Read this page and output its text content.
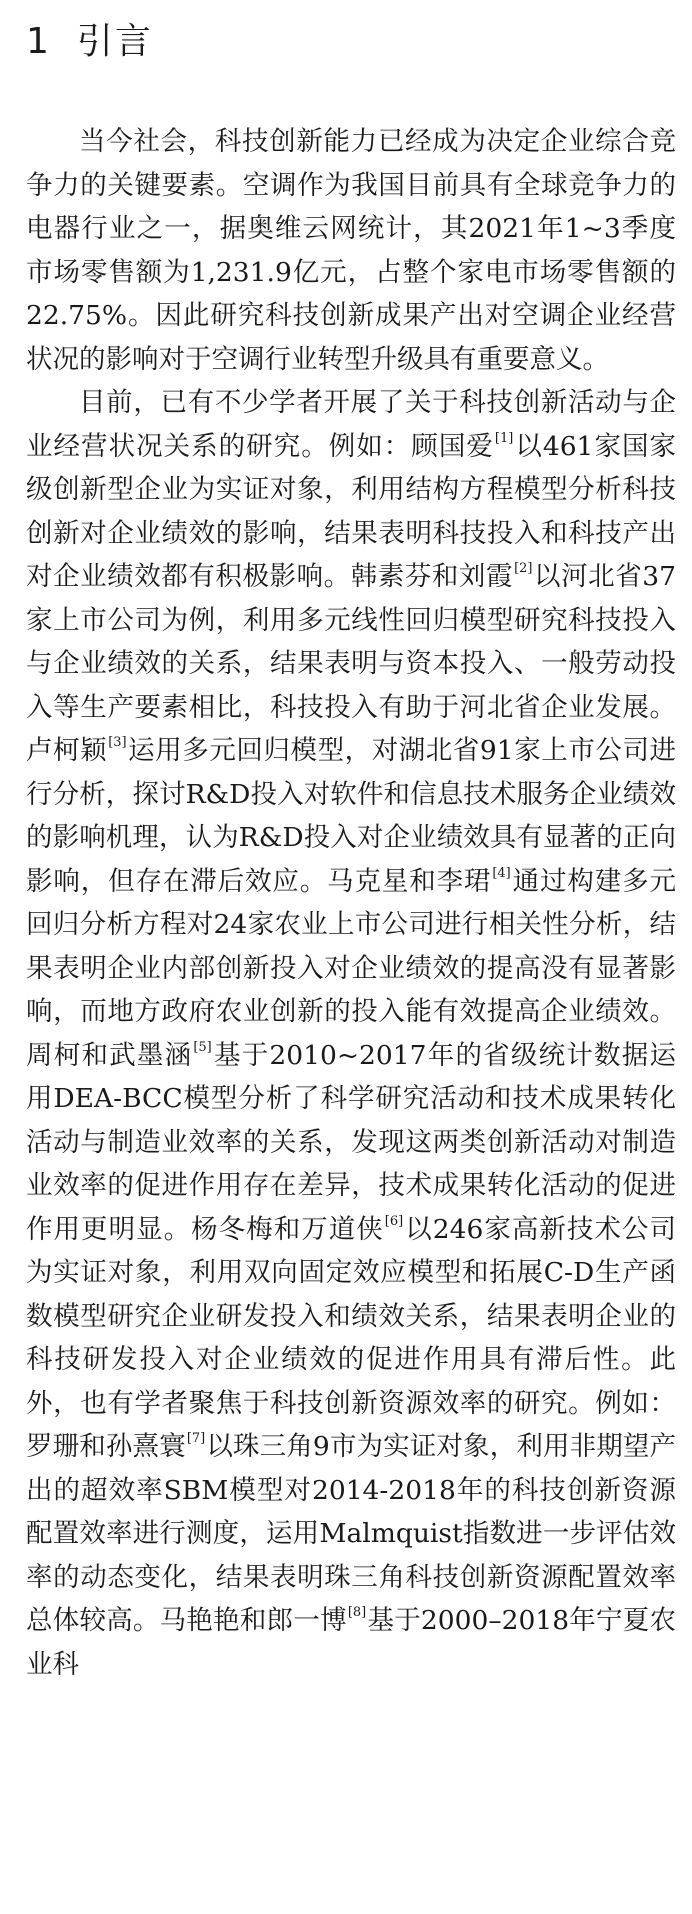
1 引言

当今社会，科技创新能力已经成为决定企业综合竞争力的关键要素。空调作为我国目前具有全球竞争力的电器行业之一，据奥维云网统计，其2021年1~3季度市场零售额为1,231.9亿元，占整个家电市场零售额的22.75%。因此研究科技创新成果产出对空调企业经营状况的影响对于空调行业转型升级具有重要意义。

目前，已有不少学者开展了关于科技创新活动与企业经营状况关系的研究。例如：顾国爱[1]以461家国家级创新型企业为实证对象，利用结构方程模型分析科技创新对企业绩效的影响，结果表明科技投入和科技产出对企业绩效都有积极影响。韩素芬和刘霞[2]以河北省37家上市公司为例，利用多元线性回归模型研究科技投入与企业绩效的关系，结果表明与资本投入、一般劳动投入等生产要素相比，科技投入有助于河北省企业发展。卢柯颖[3]运用多元回归模型，对湖北省91家上市公司进行分析，探讨R&D投入对软件和信息技术服务企业绩效的影响机理，认为R&D投入对企业绩效具有显著的正向影响，但存在滞后效应。马克星和李珺[4]通过构建多元回归分析方程对24家农业上市公司进行相关性分析，结果表明企业内部创新投入对企业绩效的提高没有显著影响，而地方政府农业创新的投入能有效提高企业绩效。周柯和武墨涵[5]基于2010~2017年的省级统计数据运用DEA-BCC模型分析了科学研究活动和技术成果转化活动与制造业效率的关系，发现这两类创新活动对制造业效率的促进作用存在差异，技术成果转化活动的促进作用更明显。杨冬梅和万道侠[6]以246家高新技术公司为实证对象，利用双向固定效应模型和拓展C-D生产函数模型研究企业研发投入和绩效关系，结果表明企业的科技研发投入对企业绩效的促进作用具有滞后性。此外，也有学者聚焦于科技创新资源效率的研究。例如：罗珊和孙熹寰[7]以珠三角9市为实证对象，利用非期望产出的超效率SBM模型对2014-2018年的科技创新资源配置效率进行测度，运用Malmquist指数进一步评估效率的动态变化，结果表明珠三角科技创新资源配置效率总体较高。马艳艳和郎一博[8]基于2000–2018年宁夏农业科
